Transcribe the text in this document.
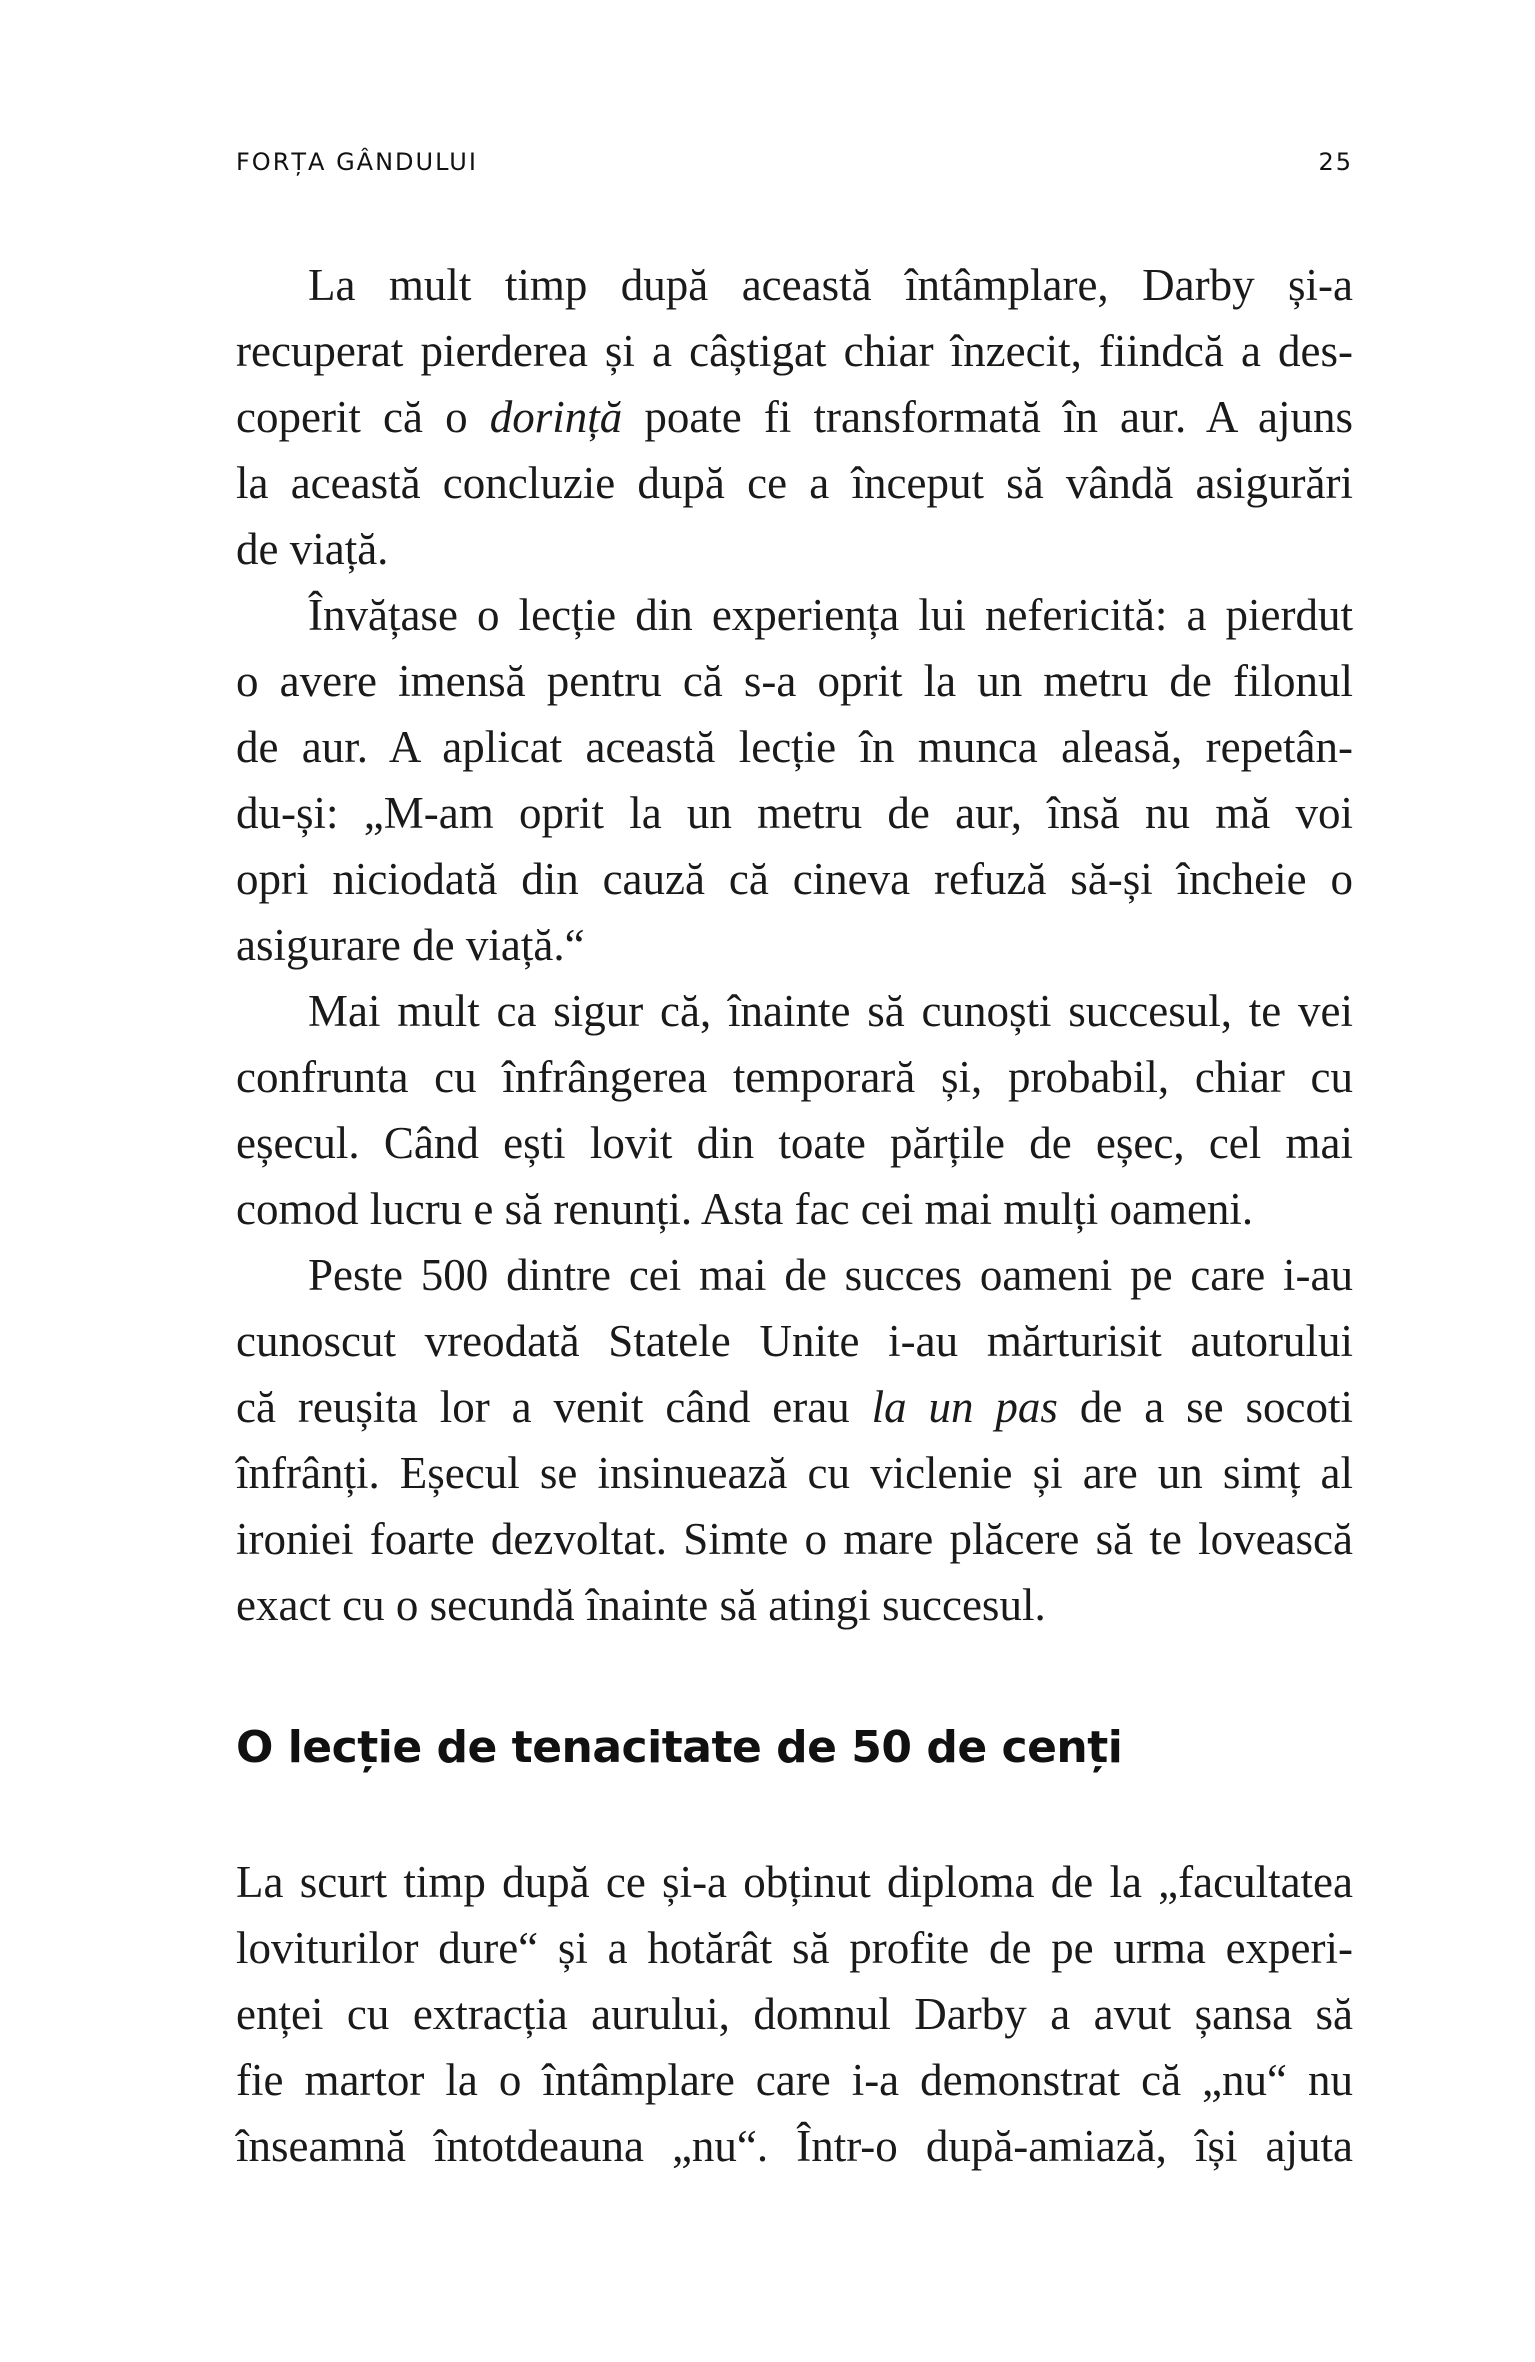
FORȚA GÂNDULUI	25
La mult timp după această întâmplare, Darby și-a
recuperat pierderea și a câștigat chiar înzecit, fiindcă a des-
coperit că o dorință poate fi transformată în aur. A ajuns
la această concluzie după ce a început să vândă asigurări
de viață.
Învățase o lecție din experiența lui nefericită: a pierdut
o avere imensă pentru că s-a oprit la un metru de filonul
de aur. A aplicat această lecție în munca aleasă, repetân-
du-și: „M-am oprit la un metru de aur, însă nu mă voi
opri niciodată din cauză că cineva refuză să-și încheie o
asigurare de viață.“
Mai mult ca sigur că, înainte să cunoști succesul, te vei
confrunta cu înfrângerea temporară și, probabil, chiar cu
eșecul. Când ești lovit din toate părțile de eșec, cel mai
comod lucru e să renunți. Asta fac cei mai mulți oameni.
Peste 500 dintre cei mai de succes oameni pe care i-au
cunoscut vreodată Statele Unite i-au mărturisit autorului
că reușita lor a venit când erau la un pas de a se socoti
înfrânți. Eșecul se insinuează cu viclenie și are un simț al
ironiei foarte dezvoltat. Simte o mare plăcere să te lovească
exact cu o secundă înainte să atingi succesul.
O lecție de tenacitate de 50 de cenți
La scurt timp după ce și-a obținut diploma de la „facultatea
loviturilor dure“ și a hotărât să profite de pe urma experi-
enței cu extracția aurului, domnul Darby a avut șansa să
fie martor la o întâmplare care i-a demonstrat că „nu“ nu
înseamnă întotdeauna „nu“. Într-o după-amiază, își ajuta
